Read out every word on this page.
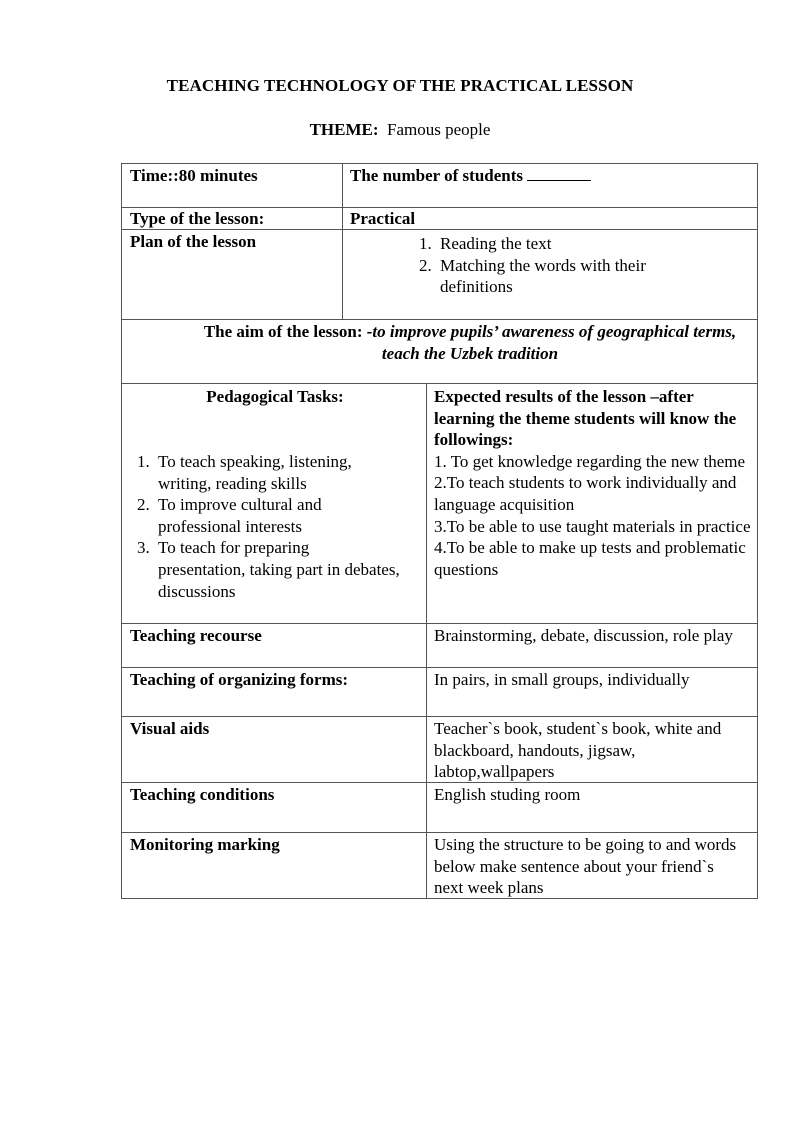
TEACHING TECHNOLOGY OF THE PRACTICAL LESSON
THEME: Famous people
Time::80 minutes	The number of students
Type of the lesson:	Practical
Plan of the lesson
1.	Reading the text
2. Matching the words with their definitions
The aim of the lesson: -to improve pupils’ awareness of geographical terms, teach the Uzbek tradition
Pedagogical Tasks:
1. To teach speaking, listening, writing, reading skills
2. To improve cultural and professional interests
3. To teach for preparing presentation, taking part in debates, discussions
Expected results of the lesson –after learning the theme students will know the followings:
1. To get knowledge regarding the new theme
2.To teach students to work individually and language acquisition
3.To be able to use taught materials in practice
4.To be able to make up tests and problematic questions
Teaching recourse	Brainstorming, debate, discussion, role play
Teaching of organizing forms:	In pairs, in small groups, individually
Visual aids	Teacher`s book, student`s book, white and blackboard, handouts, jigsaw, labtop,wallpapers
Teaching conditions	English studing room
Monitoring marking	Using the structure to be going to and words below make sentence about your friend`s next week plans
